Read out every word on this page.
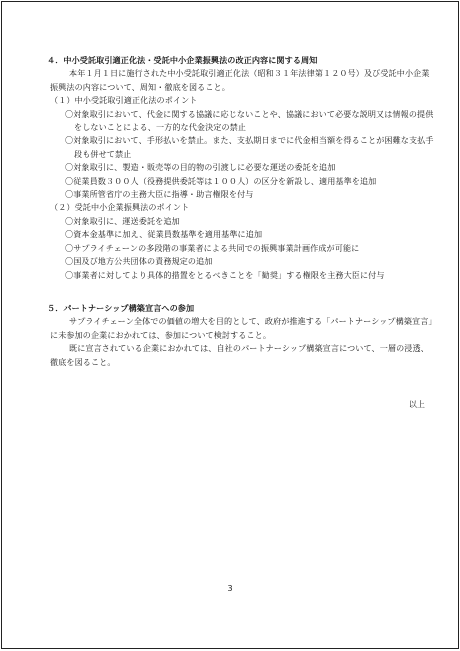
４．中小受託取引適正化法・受託中小企業振興法の改正内容に関する周知
本年１月１日に施行された中小受託取引適正化法（昭和３１年法律第１２０号）及び受託中小企業振興法の内容について、周知・徹底を図ること。
（１）中小受託取引適正化法のポイント
〇対象取引において、代金に関する協議に応じないことや、協議において必要な説明又は情報の提供をしないことによる、一方的な代金決定の禁止
〇対象取引において、手形払いを禁止。また、支払期日までに代金相当額を得ることが困難な支払手段も併せて禁止
〇対象取引に、製造・販売等の目的物の引渡しに必要な運送の委託を追加
〇従業員数３００人（役務提供委託等は１００人）の区分を新設し、適用基準を追加
〇事業所管省庁の主務大臣に指導・助言権限を付与
（２）受託中小企業振興法のポイント
〇対象取引に、運送委託を追加
〇資本金基準に加え、従業員数基準を適用基準に追加
〇サプライチェーンの多段階の事業者による共同での振興事業計画作成が可能に
〇国及び地方公共団体の責務規定の追加
〇事業者に対してより具体的措置をとるべきことを「勧奨」する権限を主務大臣に付与
５．パートナーシップ構築宣言への参加
サプライチェーン全体での価値の増大を目的として、政府が推進する「パートナーシップ構築宣言」に未参加の企業におかれては、参加について検討すること。
既に宣言されている企業におかれては、自社のパートナーシップ構築宣言について、一層の浸透、徹底を図ること。
以上
3
